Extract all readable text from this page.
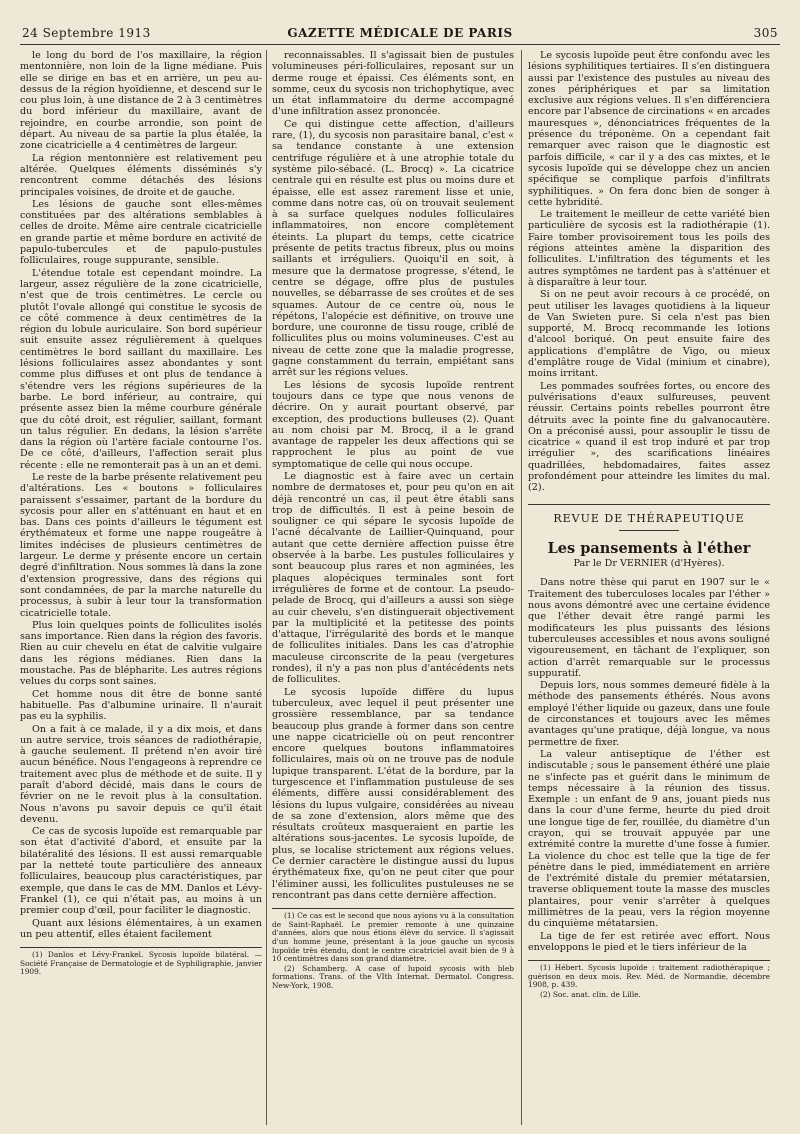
24 Septembre 1913	GAZETTE MÉDICALE DE PARIS	305

le long du bord de l'os maxillaire, la région mentonnière, non loin de la ligne médiane. Puis elle se dirige en bas et en arrière, un peu au-dessus de la région hyoïdienne, et descend sur le cou plus loin, à une distance de 2 à 3 centimètres du bord inférieur du maxillaire, avant de rejoindre, en courbe arrondie, son point de départ. Au niveau de sa partie la plus étalée, la zone cicatricielle a 4 centimètres de largeur.

La région mentonnière est relativement peu altérée. Quelques éléments disséminés s'y rencontrent comme détachés des lésions principales voisines, de droite et de gauche.

Les lésions de gauche sont elles-mêmes constituées par des altérations semblables à celles de droite. Même aire centrale cicatricielle en grande partie et même bordure en activité de papulo-tubercules et de papulo-pustules folliculaires, rouge suppurante, sensible.

L'étendue totale est cependant moindre. La largeur, assez régulière de la zone cicatricielle, n'est que de trois centimètres. Le cercle ou plutôt l'ovale allongé qui constitue le sycosis de ce côté commence à deux centimètres de la région du lobule auriculaire. Son bord supérieur suit ensuite assez régulièrement à quelques centimètres le bord saillant du maxillaire. Les lésions folliculaires assez abondantes y sont comme plus diffuses et ont plus de tendance à s'étendre vers les régions supérieures de la barbe. Le bord inférieur, au contraire, qui présente assez bien la même courbure générale que du côté droit, est régulier, saillant, formant un talus régulier. En dedans, la lésion s'arrête dans la région où l'artère faciale contourne l'os. De ce côté, d'ailleurs, l'affection serait plus récente : elle ne remonterait pas à un an et demi.

Le reste de la barbe présente relativement peu d'altérations. Les « boutons » folliculaires paraissent s'essaimer, partant de la bordure du sycosis pour aller en s'atténuant en haut et en bas. Dans ces points d'ailleurs le tégument est érythémateux et forme une nappe rougeâtre à limites indécises de plusieurs centimètres de largeur. Le derme y présente encore un certain degré d'infiltration. Nous sommes là dans la zone d'extension progressive, dans des régions qui sont condamnées, de par la marche naturelle du processus, à subir à leur tour la transformation cicatricielle totale.

Plus loin quelques points de folliculites isolés sans importance. Rien dans la région des favoris. Rien au cuir chevelu en état de calvitie vulgaire dans les régions médianes. Rien dans la moustache. Pas de blépharite. Les autres régions velues du corps sont saines.

Cet homme nous dit être de bonne santé habituelle. Pas d'albumine urinaire. Il n'aurait pas eu la syphilis.

On a fait à ce malade, il y a dix mois, et dans un autre service, trois séances de radiothérapie, à gauche seulement. Il prétend n'en avoir tiré aucun bénéfice. Nous l'engageons à reprendre ce traitement avec plus de méthode et de suite. Il y paraît d'abord décidé, mais dans le cours de février on ne le revoit plus à la consultation. Nous n'avons pu savoir depuis ce qu'il était devenu.

Ce cas de sycosis lupoïde est remarquable par son état d'activité d'abord, et ensuite par la bilatéralité des lésions. Il est aussi remarquable par la netteté toute particulière des anneaux folliculaires, beaucoup plus caractéristiques, par exemple, que dans le cas de MM. Danlos et Lévy-Frankel (1), ce qui n'était pas, au moins à un premier coup d'œil, pour faciliter le diagnostic.

Quant aux lésions élémentaires, à un examen un peu attentif, elles étaient facilement

(1) Danlos et Lévy-Frankel. Sycosis lupoïde bilatéral. — Société Française de Dermatologie et de Syphiligraphie, janvier 1909.

reconnaissables. Il s'agissait bien de pustules volumineuses péri-folliculaires, reposant sur un derme rouge et épaissi. Ces éléments sont, en somme, ceux du sycosis non trichophytique, avec un état inflammatoire du derme accompagné d'une infiltration assez prononcée.

Ce qui distingue cette affection, d'ailleurs rare, (1), du sycosis non parasitaire banal, c'est « sa tendance constante à une extension centrifuge régulière et à une atrophie totale du système pilo-sébacé. (L. Brocq) ». La cicatrice centrale qui en résulte est plus ou moins dure et épaisse, elle est assez rarement lisse et unie, comme dans notre cas, où on trouvait seulement à sa surface quelques nodules folliculaires inflammatoires, non encore complètement éteints. La plupart du temps, cette cicatrice présente de petits tractus fibreux, plus ou moins saillants et irréguliers. Quoiqu'il en soit, à mesure que la dermatose progresse, s'étend, le centre se dégage, offre plus de pustules nouvelles, se débarrasse de ses croûtes et de ses squames. Autour de ce centre où, nous le répétons, l'alopécie est définitive, on trouve une bordure, une couronne de tissu rouge, criblé de folliculites plus ou moins volumineuses. C'est au niveau de cette zone que la maladie progresse, gagne constamment du terrain, empiétant sans arrêt sur les régions velues.

Les lésions de sycosis lupoïde rentrent toujours dans ce type que nous venons de décrire. On y aurait pourtant observé, par exception, des productions bulleuses (2). Quant au nom choisi par M. Brocq, il a le grand avantage de rappeler les deux affections qui se rapprochent le plus au point de vue symptomatique de celle qui nous occupe.

Le diagnostic est à faire avec un certain nombre de dermatoses et, pour peu qu'on en ait déjà rencontré un cas, il peut être établi sans trop de difficultés. Il est à peine besoin de souligner ce qui sépare le sycosis lupoïde de l'acné décalvante de Laillier-Quinquand, pour autant que cette dernière affection puisse être observée à la barbe. Les pustules folliculaires y sont beaucoup plus rares et non agminées, les plaques alopéciques terminales sont fort irrégulières de forme et de contour. La pseudo-pelade de Brocq, qui d'ailleurs a aussi son siège au cuir chevelu, s'en distinguerait objectivement par la multiplicité et la petitesse des points d'attaque, l'irrégularité des bords et le manque de folliculites initiales. Dans les cas d'atrophie maculeuse circonscrite de la peau (vergetures rondes), il n'y a pas non plus d'antécédents nets de folliculites.

Le sycosis lupoïde diffère du lupus tuberculeux, avec lequel il peut présenter une grossière ressemblance, par sa tendance beaucoup plus grande à former dans son centre une nappe cicatricielle où on peut rencontrer encore quelques boutons inflammatoires folliculaires, mais où on ne trouve pas de nodule lupique transparent. L'état de la bordure, par la turgescence et l'inflammation pustuleuse de ses éléments, diffère aussi considérablement des lésions du lupus vulgaire, considérées au niveau de sa zone d'extension, alors même que des résultats croûteux masqueraient en partie les altérations sous-jacentes. Le sycosis lupoïde, de plus, se localise strictement aux régions velues. Ce dernier caractère le distingue aussi du lupus érythémateux fixe, qu'on ne peut citer que pour l'éliminer aussi, les folliculites pustuleuses ne se rencontrant pas dans cette dernière affection.

(1) Ce cas est le second que nous ayions vu à la consultation de Saint-Raphaël. Le premier remonte à une quinzaine d'années, alors que nous étions élève du service. Il s'agissait d'un homme jeune, présentant à la joue gauche un sycosis lupoïde très étendu, dont le centre cicatriciel avait bien de 9 à 10 centimètres dans son grand diamètre.

(2) Schamberg. A case of lupoid sycosis with bleb formations. Trans. of the VIth Internat. Dermatol. Congress. New-York, 1908.

Le sycosis lupoïde peut être confondu avec les lésions syphilitiques tertiaires. Il s'en distinguera aussi par l'existence des pustules au niveau des zones périphériques et par sa limitation exclusive aux régions velues. Il s'en différenciera encore par l'absence de circinations « en arcades mauresques », dénonciatrices fréquentes de la présence du tréponème. On a cependant fait remarquer avec raison que le diagnostic est parfois difficile, « car il y a des cas mixtes, et le sycosis lupoïde qui se développe chez un ancien spécifique se complique parfois d'infiltrats syphilitiques. » On fera donc bien de songer à cette hybridité.

Le traitement le meilleur de cette variété bien particulière de sycosis est la radiothérapie (1). Faire tomber provisoirement tous les poils des régions atteintes amène la disparition des folliculites. L'infiltration des téguments et les autres symptômes ne tardent pas à s'atténuer et à disparaître à leur tour.

Si on ne peut avoir recours à ce procédé, on peut utiliser les lavages quotidiens à la liqueur de Van Swieten pure. Si cela n'est pas bien supporté, M. Brocq recommande les lotions d'alcool boriqué. On peut ensuite faire des applications d'emplâtre de Vigo, ou mieux d'emplâtre rouge de Vidal (minium et cinabre), moins irritant.

Les pommades soufrées fortes, ou encore des pulvérisations d'eaux sulfureuses, peuvent réussir. Certains points rebelles pourront être détruits avec la pointe fine du galvanocautère. On a préconisé aussi, pour assouplir le tissu de cicatrice « quand il est trop induré et par trop irrégulier », des scarifications linéaires quadrillées, hebdomadaires, faites assez profondément pour atteindre les limites du mal. (2).

REVUE DE THÉRAPEUTIQUE
Les pansements à l'éther
Par le Dr VERNIER (d'Hyères).

Dans notre thèse qui parut en 1907 sur le « Traitement des tuberculoses locales par l'éther » nous avons démontré avec une certaine évidence que l'éther devait être rangé parmi les modificateurs les plus puissants des lésions tuberculeuses accessibles et nous avons souligné vigoureusement, en tâchant de l'expliquer, son action d'arrêt remarquable sur le processus suppuratif.

Depuis lors, nous sommes demeuré fidèle à la méthode des pansements éthérés. Nous avons employé l'éther liquide ou gazeux, dans une foule de circonstances et toujours avec les mêmes avantages qu'une pratique, déjà longue, va nous permettre de fixer.

La valeur antiseptique de l'éther est indiscutable ; sous le pansement éthéré une plaie ne s'infecte pas et guérit dans le minimum de temps nécessaire à la réunion des tissus. Exemple : un enfant de 9 ans, jouant pieds nus dans la cour d'une ferme, heurte du pied droit une longue tige de fer, rouillée, du diamètre d'un crayon, qui se trouvait appuyée par une extrémité contre la murette d'une fosse à fumier. La violence du choc est telle que la tige de fer pénètre dans le pied, immédiatement en arrière de l'extrémité distale du premier métatarsien, traverse obliquement toute la masse des muscles plantaires, pour venir s'arrêter à quelques millimètres de la peau, vers la région moyenne du cinquième métatarsien.

La tige de fer est retirée avec effort. Nous enveloppons le pied et le tiers inférieur de la

(1) Hébert. Sycosis lupoïde : traitement radiothérapique ; guérison en deux mois. Rev. Méd. de Normandie, décembre 1908, p. 439.

(2) Soc. anat. clin. de Lille.
